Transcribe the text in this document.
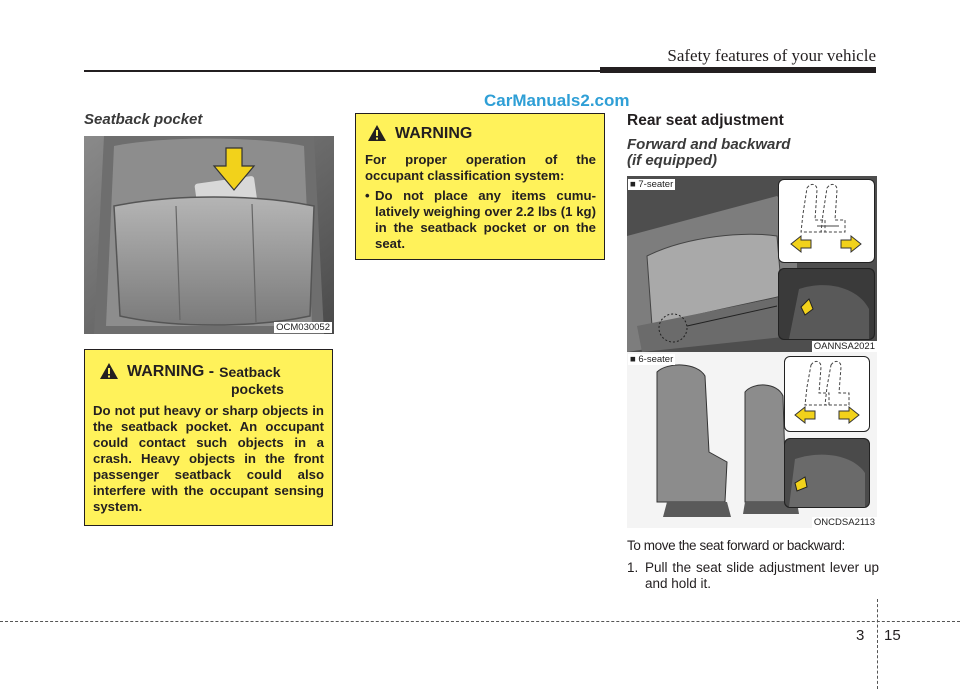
Safety features of your vehicle
CarManuals2.com
Seatback pocket
OCM030052
WARNING - Seatback
pockets
Do not put heavy or sharp objects in the seatback pocket. An occupant could contact such objects in a crash. Heavy objects in the front passenger seatback could also interfere with the occupant sensing system.
WARNING
For proper operation of the occupant classification system:
• Do not place any items cumu-latively weighing over 2.2 lbs (1 kg) in the seatback pocket or on the seat.
Rear seat adjustment
Forward and backward
(if equipped)
■ 7-seater
OANNSA2021
■ 6-seater
ONCDSA2113
To move the seat forward or backward:
1. Pull the seat slide adjustment lever up and hold it.
3 15
